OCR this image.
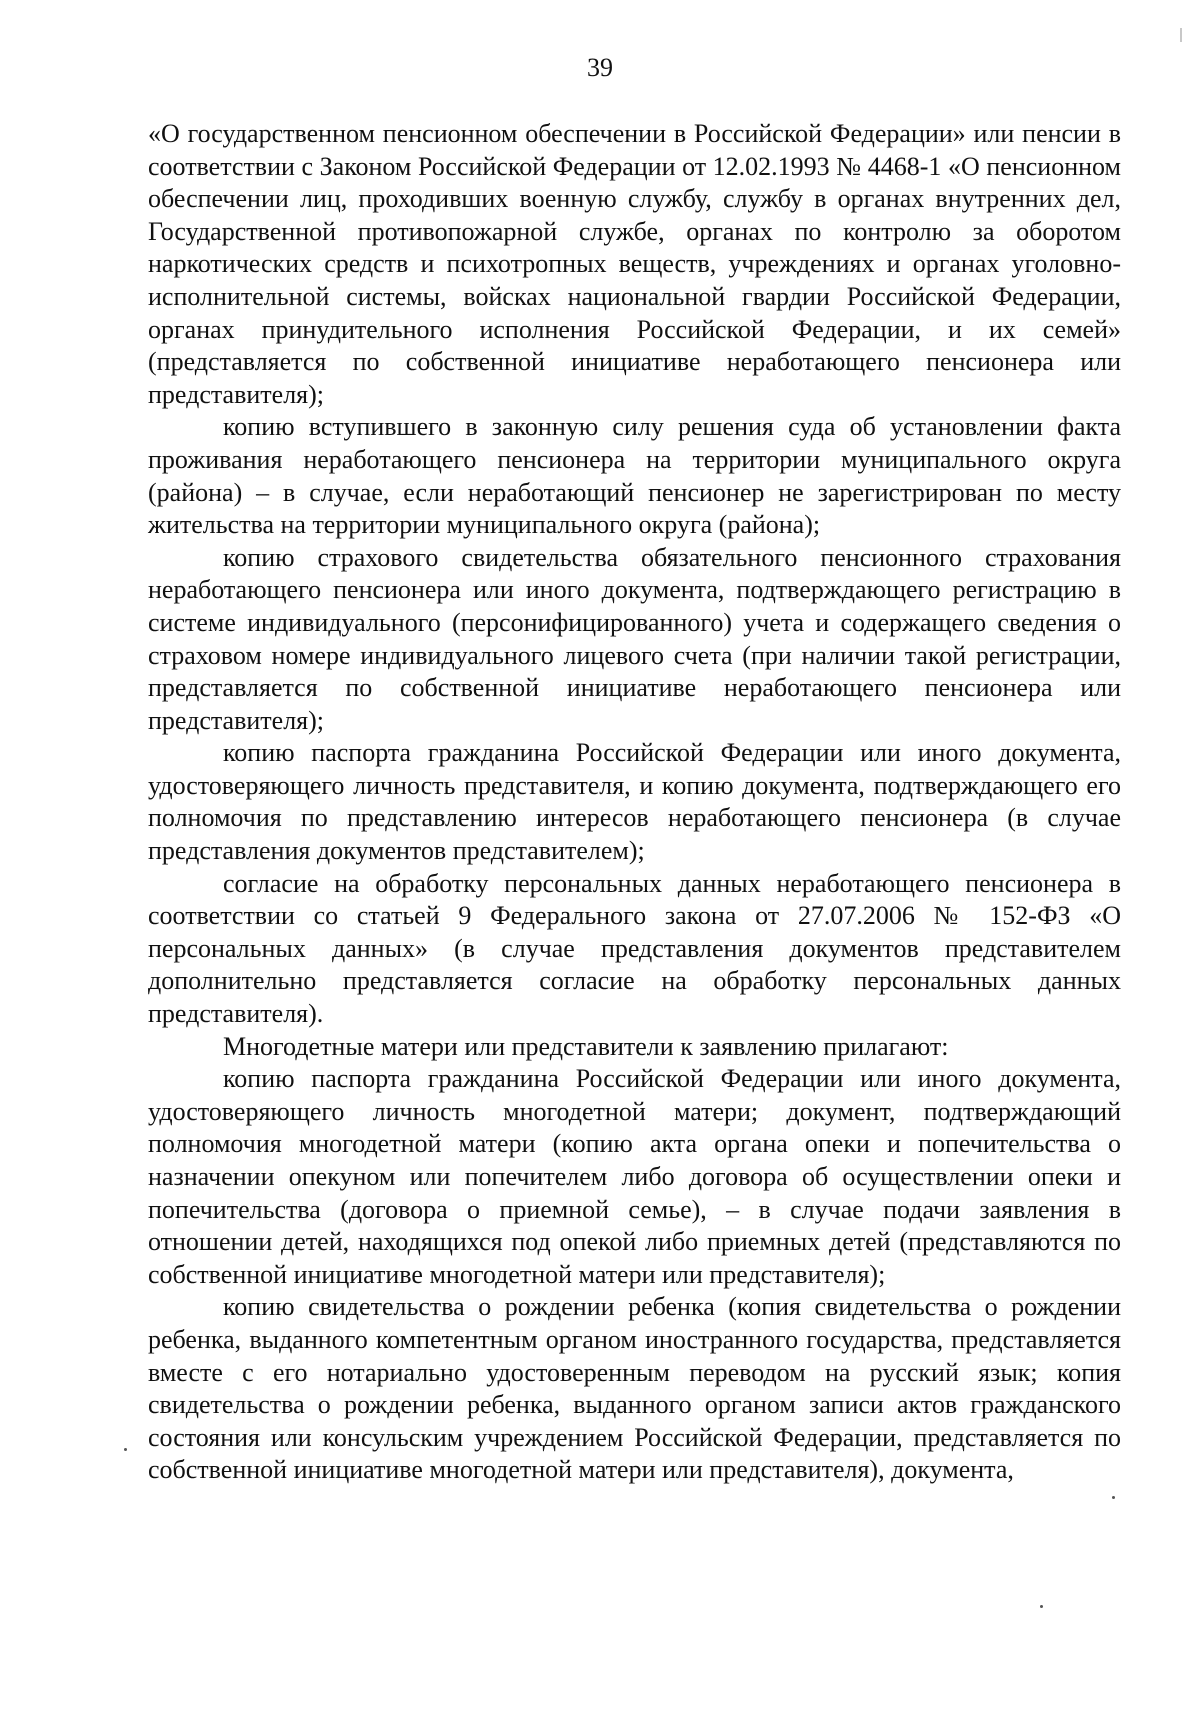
39

«О государственном пенсионном обеспечении в Российской Федерации» или пенсии в соответствии с Законом Российской Федерации от 12.02.1993 № 4468-1 «О пенсионном обеспечении лиц, проходивших военную службу, службу в органах внутренних дел, Государственной противопожарной службе, органах по контролю за оборотом наркотических средств и психотропных веществ, учреждениях и органах уголовно-исполнительной системы, войсках национальной гвардии Российской Федерации, органах принудительного исполнения Российской Федерации, и их семей» (представляется по собственной инициативе неработающего пенсионера или представителя);

копию вступившего в законную силу решения суда об установлении факта проживания неработающего пенсионера на территории муниципального округа (района) – в случае, если неработающий пенсионер не зарегистрирован по месту жительства на территории муниципального округа (района);

копию страхового свидетельства обязательного пенсионного страхования неработающего пенсионера или иного документа, подтверждающего регистрацию в системе индивидуального (персонифицированного) учета и содержащего сведения о страховом номере индивидуального лицевого счета (при наличии такой регистрации, представляется по собственной инициативе неработающего пенсионера или представителя);

копию паспорта гражданина Российской Федерации или иного документа, удостоверяющего личность представителя, и копию документа, подтверждающего его полномочия по представлению интересов неработающего пенсионера (в случае представления документов представителем);

согласие на обработку персональных данных неработающего пенсионера в соответствии со статьей 9 Федерального закона от 27.07.2006 № 152-ФЗ «О персональных данных» (в случае представления документов представителем дополнительно представляется согласие на обработку персональных данных представителя).

Многодетные матери или представители к заявлению прилагают:

копию паспорта гражданина Российской Федерации или иного документа, удостоверяющего личность многодетной матери; документ, подтверждающий полномочия многодетной матери (копию акта органа опеки и попечительства о назначении опекуном или попечителем либо договора об осуществлении опеки и попечительства (договора о приемной семье), – в случае подачи заявления в отношении детей, находящихся под опекой либо приемных детей (представляются по собственной инициативе многодетной матери или представителя);

копию свидетельства о рождении ребенка (копия свидетельства о рождении ребенка, выданного компетентным органом иностранного государства, представляется вместе с его нотариально удостоверенным переводом на русский язык; копия свидетельства о рождении ребенка, выданного органом записи актов гражданского состояния или консульским учреждением Российской Федерации, представляется по собственной инициативе многодетной матери или представителя), документа,
